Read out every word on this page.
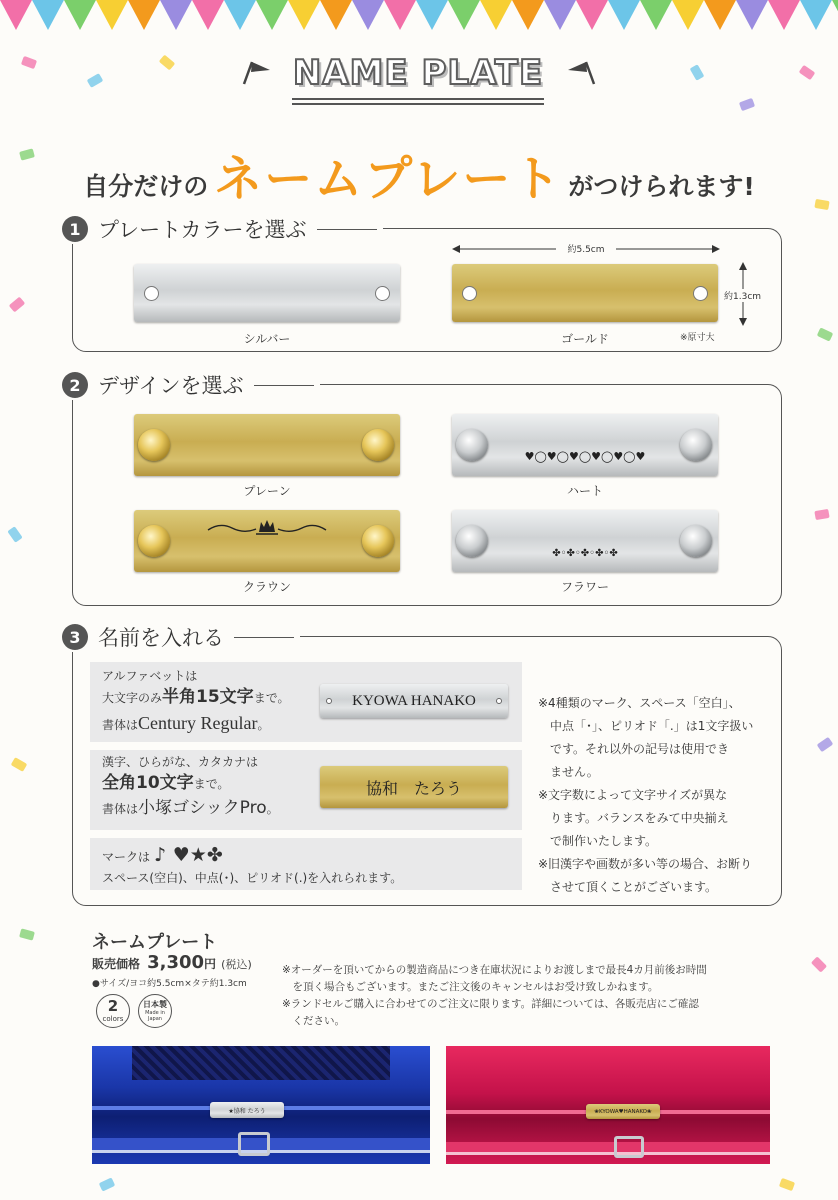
NAME PLATE
自分だけの ネームプレート がつけられます!
1 プレートカラーを選ぶ
シルバー	ゴールド
約5.5cm
約1.3cm
※原寸大
2 デザインを選ぶ
プレーン
♥◯♥◯♥◯♥◯♥◯♥
ハート
クラウン
✤◦✤◦✤◦✤◦✤
フラワー
3 名前を入れる
アルファベットは
大文字のみ半角15文字まで。
書体はCentury Regular。
KYOWA HANAKO
漢字、ひらがな、カタカナは
全角10文字まで。
書体は小塚ゴシックPro。
協和　たろう
マークは ♪ ♥★✤
スペース(空白)、中点(･)、ピリオド(.)を入れられます。
※4種類のマーク、スペース「空白」、
　中点「･」、ピリオド「.」は1文字扱い
　です。それ以外の記号は使用でき
　ません。
※文字数によって文字サイズが異な
　ります。バランスをみて中央揃え
　で制作いたします。
※旧漢字や画数が多い等の場合、お断り
　させて頂くことがございます。
ネームプレート
販売価格 3,300円 (税込)
●サイズ/ヨコ約5.5cm×タテ約1.3cm
2
colors
日本製
Made in Japan
※オーダーを頂いてからの製造商品につき在庫状況によりお渡しまで最長4カ月前後お時間
　を頂く場合もございます。またご注文後のキャンセルはお受け致しかねます。
※ランドセルご購入に合わせてのご注文に限ります。詳細については、各販売店にご確認
　ください。
★協和 たろう	❀KYOWA♥HANAKO❀
